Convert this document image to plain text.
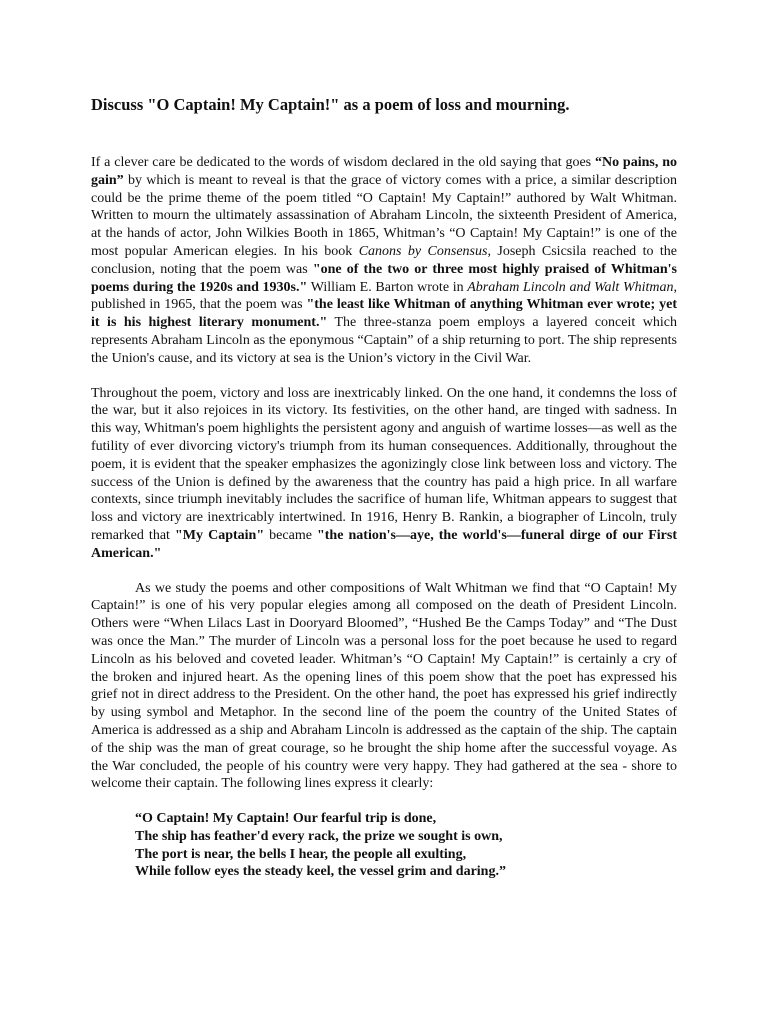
Discuss "O Captain! My Captain!" as a poem of loss and mourning.

If a clever care be dedicated to the words of wisdom declared in the old saying that goes “No pains, no gain” by which is meant to reveal is that the grace of victory comes with a price, a similar description could be the prime theme of the poem titled “O Captain! My Captain!” authored by Walt Whitman. Written to mourn the ultimately assassination of Abraham Lincoln, the sixteenth President of America, at the hands of actor, John Wilkies Booth in 1865, Whitman’s “O Captain! My Captain!” is one of the most popular American elegies. In his book Canons by Consensus, Joseph Csicsila reached to the conclusion, noting that the poem was "one of the two or three most highly praised of Whitman's poems during the 1920s and 1930s." William E. Barton wrote in Abraham Lincoln and Walt Whitman, published in 1965, that the poem was "the least like Whitman of anything Whitman ever wrote; yet it is his highest literary monument." The three-stanza poem employs a layered conceit which represents Abraham Lincoln as the eponymous “Captain” of a ship returning to port. The ship represents the Union's cause, and its victory at sea is the Union’s victory in the Civil War.

Throughout the poem, victory and loss are inextricably linked. On the one hand, it condemns the loss of the war, but it also rejoices in its victory. Its festivities, on the other hand, are tinged with sadness. In this way, Whitman's poem highlights the persistent agony and anguish of wartime losses—as well as the futility of ever divorcing victory's triumph from its human consequences. Additionally, throughout the poem, it is evident that the speaker emphasizes the agonizingly close link between loss and victory. The success of the Union is defined by the awareness that the country has paid a high price. In all warfare contexts, since triumph inevitably includes the sacrifice of human life, Whitman appears to suggest that loss and victory are inextricably intertwined. In 1916, Henry B. Rankin, a biographer of Lincoln, truly remarked that "My Captain" became "the nation's—aye, the world's—funeral dirge of our First American."

As we study the poems and other compositions of Walt Whitman we find that “O Captain! My Captain!” is one of his very popular elegies among all composed on the death of President Lincoln. Others were “When Lilacs Last in Dooryard Bloomed”, “Hushed Be the Camps Today” and “The Dust was once the Man.” The murder of Lincoln was a personal loss for the poet because he used to regard Lincoln as his beloved and coveted leader. Whitman’s “O Captain! My Captain!” is certainly a cry of the broken and injured heart. As the opening lines of this poem show that the poet has expressed his grief not in direct address to the President. On the other hand, the poet has expressed his grief indirectly by using symbol and Metaphor. In the second line of the poem the country of the United States of America is addressed as a ship and Abraham Lincoln is addressed as the captain of the ship. The captain of the ship was the man of great courage, so he brought the ship home after the successful voyage. As the War concluded, the people of his country were very happy. They had gathered at the sea - shore to welcome their captain. The following lines express it clearly:

“O Captain! My Captain! Our fearful trip is done,
The ship has feather'd every rack, the prize we sought is own,
The port is near, the bells I hear, the people all exulting,
While follow eyes the steady keel, the vessel grim and daring.”
